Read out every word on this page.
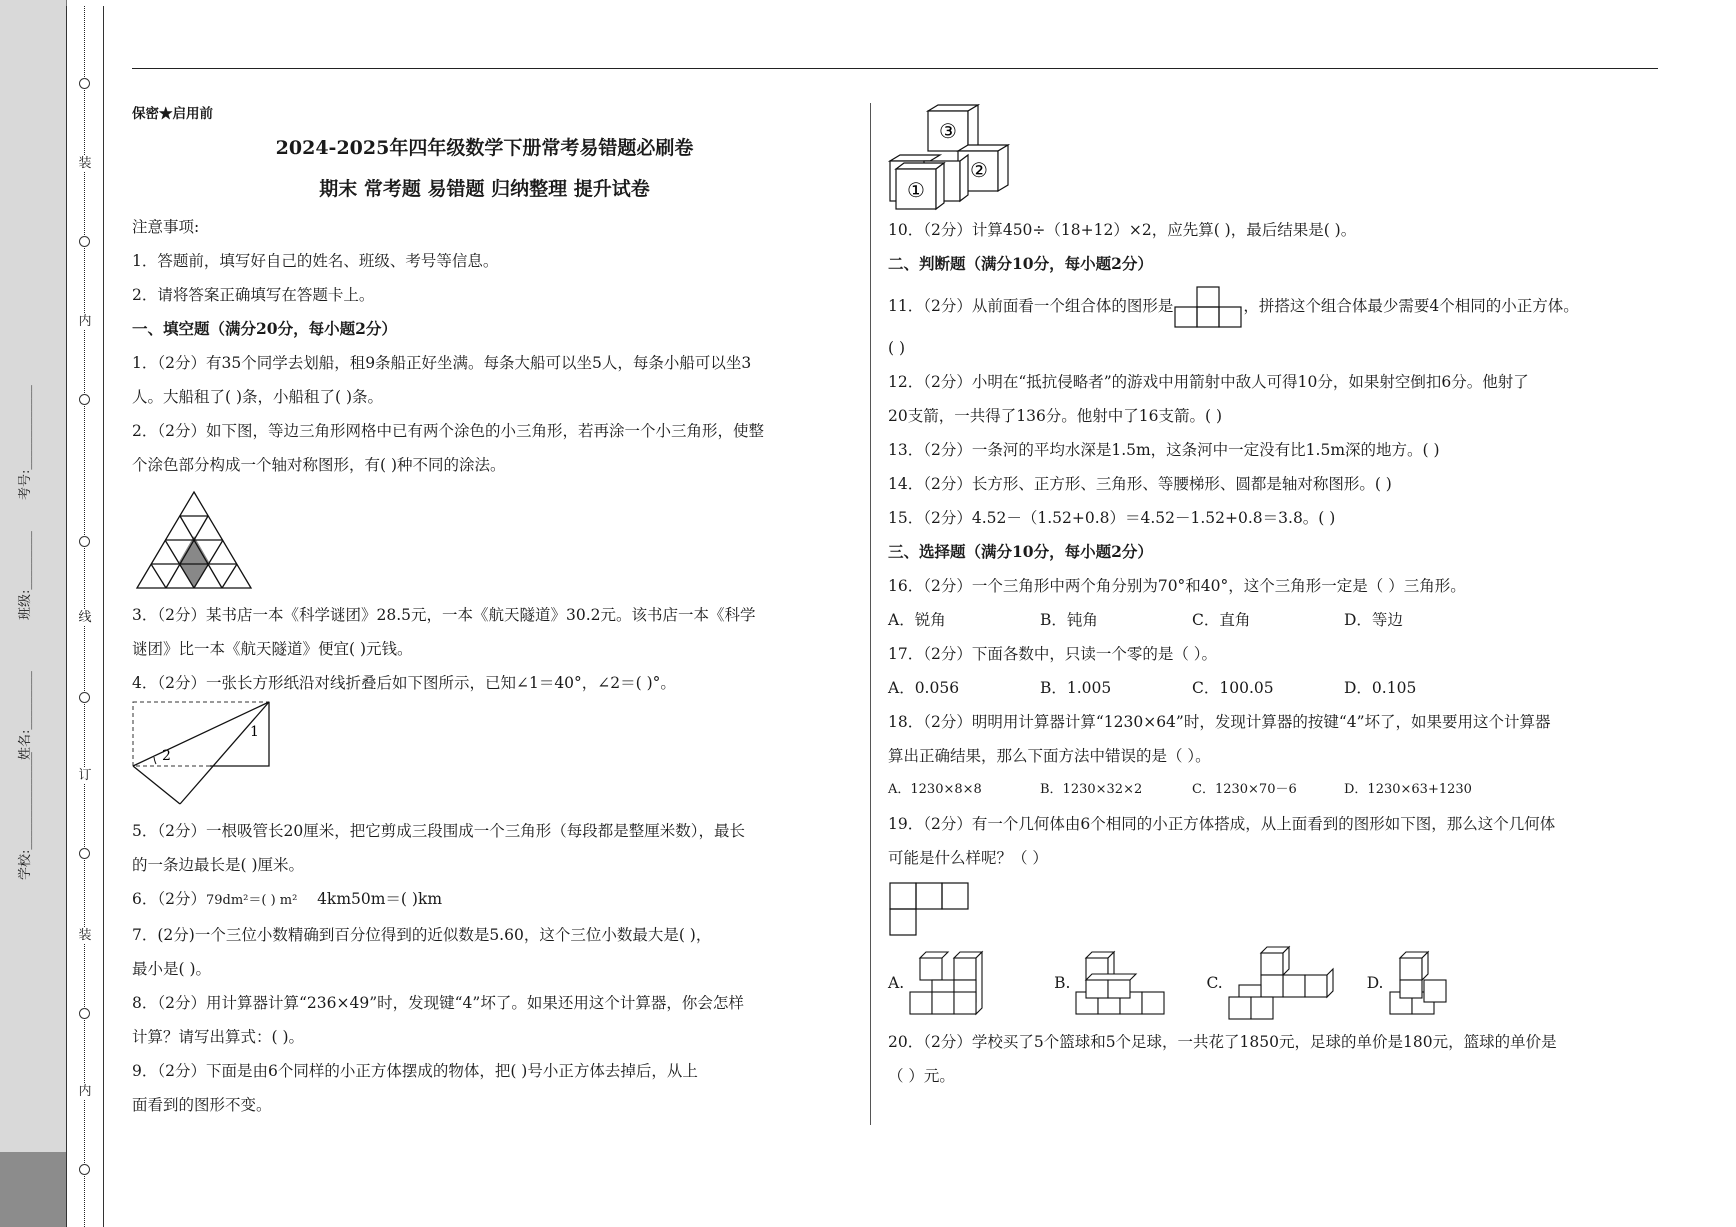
装
内
线
订
装
内
学校:_______________
姓名:_________
班级:_________
考号:_____________
保密★启用前
2024-2025年四年级数学下册常考易错题必刷卷
期末 常考题 易错题 归纳整理 提升试卷
注意事项:
1．答题前，填写好自己的姓名、班级、考号等信息。
2．请将答案正确填写在答题卡上。
一、填空题（满分20分，每小题2分）
1．（2分）有35个同学去划船，租9条船正好坐满。每条大船可以坐5人，每条小船可以坐3
人。大船租了( )条，小船租了( )条。
2．（2分）如下图，等边三角形网格中已有两个涂色的小三角形，若再涂一个小三角形，使整
个涂色部分构成一个轴对称图形，有( )种不同的涂法。
3．（2分）某书店一本《科学谜团》28.5元，一本《航天隧道》30.2元。该书店一本《科学
谜团》比一本《航天隧道》便宜( )元钱。
4．（2分）一张长方形纸沿对线折叠后如下图所示，已知∠1＝40°，∠2＝( )°。
2
1
5．（2分）一根吸管长20厘米，把它剪成三段围成一个三角形（每段都是整厘米数），最长
的一条边最长是( )厘米。
6．（2分）79dm²＝( ) m² 4km50m＝( )km
7．(2分)一个三位小数精确到百分位得到的近似数是5.60，这个三位小数最大是( )，
最小是( )。
8．（2分）用计算器计算“236×49”时，发现键“4”坏了。如果还用这个计算器，你会怎样
计算？请写出算式：( )。
9．（2分）下面是由6个同样的小正方体摆成的物体，把( )号小正方体去掉后，从上
面看到的图形不变。
③
②
①
10．（2分）计算450÷（18+12）×2，应先算( )，最后结果是( )。
二、判断题（满分10分，每小题2分）
11．（2分）从前面看一个组合体的图形是	，拼搭这个组合体最少需要4个相同的小正方体。
( )
12．（2分）小明在“抵抗侵略者”的游戏中用箭射中敌人可得10分，如果射空倒扣6分。他射了
20支箭，一共得了136分。他射中了16支箭。( )
13．（2分）一条河的平均水深是1.5m，这条河中一定没有比1.5m深的地方。( )
14．（2分）长方形、正方形、三角形、等腰梯形、圆都是轴对称图形。( )
15．（2分）4.52－（1.52+0.8）＝4.52－1.52+0.8＝3.8。( )
三、选择题（满分10分，每小题2分）
16．（2分）一个三角形中两个角分别为70°和40°，这个三角形一定是（ ）三角形。
A．锐角	B．钝角	C．直角	D．等边
17．（2分）下面各数中，只读一个零的是（ ）。
A．0.056	B．1.005	C．100.05	D．0.105
18．（2分）明明用计算器计算“1230×64”时，发现计算器的按键“4”坏了，如果要用这个计算器
算出正确结果，那么下面方法中错误的是（ ）。
A．1230×8×8	B．1230×32×2	C．1230×70－6	D．1230×63+1230
19．（2分）有一个几何体由6个相同的小正方体搭成，从上面看到的图形如下图，那么这个几何体
可能是什么样呢？（ ）
A.	B.	C.	D.
20．（2分）学校买了5个篮球和5个足球，一共花了1850元，足球的单价是180元，篮球的单价是
（ ）元。
